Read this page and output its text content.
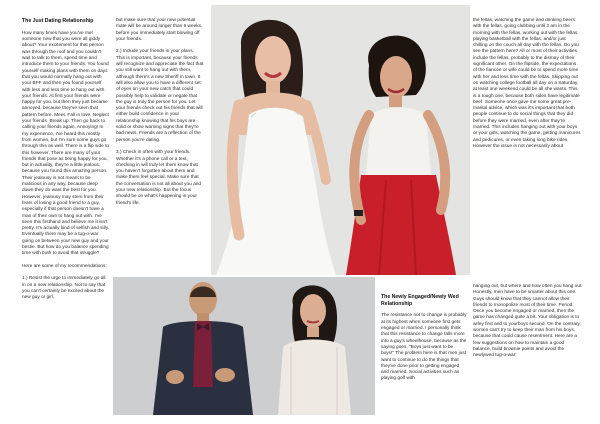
The Just Dating Relationship

How many times have you've met someone new that you were all giddy about? Your excitement for that person was through the roof and you couldn't wait to talk to them, spend time and introduce them to your friends. You found yourself making plans with them on days that you would normally hang out with your BFF and then you found yourself with less and less time to hang out with your friends. At first your friends were happy for you, but then they just became annoyed, because they've seen that pattern before. Meet. Fall in love. Neglect your friends. Break up. Then go back to calling your friends again. Annoying! In my experience, I've heard this mostly from women, but I'm sure some guys go through this as well. There is a flip side to this however. There are many of your friends that pose as being happy for you, but in actuality, they're a little jealous, because you found this amazing person. Their jealousy is not meant to be malicious in any way, because deep down they do want the best for you. However, jealousy may stem from their fears of losing a good friend to a guy, especially if that person doesn't have a man of their own to hang out with. I've seen this firsthand and believe me it isn't pretty. It's actually kind of selfish and silly. Eventually there may be a tug-o-war going on between your new guy and your bestie. But how do you balance spending time with both to avoid that struggle?

Here are some of my recommendations:

1.) Resist the urge to immediately go all in on a new relationship. Not to say that you can't certainly be excited about the new guy or girl,

but make sure that your new potential mate will be around longer than 6 weeks, before you immediately start blowing off your friends.

2.) Include your friends in your plans. This is important, because your friends will recognize and appreciate the fact that you still want to hang out with them, although there's a new Sheriff in town. It will also allow you to have a different set of eyes on your new catch that could possibly help to validate or negate that the guy is truly the person for you. Let your friends check out his friends that will either build confidence in your relationship knowing that his boys are solid or show warning signs that they're bad news. Friends are a reflection of the person you're dating.

3.) Check in often with your friends. Whether it's a phone call or a text, checking in will truly let them know that you haven't forgotten about them and make them feel special. Make sure that the conversation is not all about you and your new relationship. But the focus should be on what's happening in your friend's life.

the fellas, watching the game and drinking beers with the fellas, going clubbing until 3 am in the morning with the fellas, working out with the fellas, playing basketball with the fellas, and/or just chilling on the couch all day with the fellas. Do you see the pattern here? All or most of their activities include the fellas, probably to the dismay of their significant other. On the flipside, the expectations of the fiancée or wife could be to spend more time with her and less time with the fellas. Skipping out on watching college football all day on a Saturday, at least one weekend could be all she wants. This is a tough one, because both sides have legitimate beef. Someone once gave me some great pre-marital advice, which was it's important that both people continue to do social things that they did before they were married, even after they're married. This includes hanging out with your boys or your girls, watching the game, getting manicures and pedicures, or even taking long bike rides. However the issue is not necessarily about

The Newly Engaged/Newly Wed Relationship

The resistance not to change is probably at its highest when someone first gets engaged or married. I personally think that this resistance to change falls more into a guy's wheelhouse, because as the saying goes, "Boys just want to be boys!" The problem here is that men just want to continue to do the things that they've done prior to getting engaged and married. Social activities such as playing golf with

hanging out, but where and how often you hang out. Honestly, men have to be smarter about this one. Guys should know that they cannot allow their friends to monopolize most of their time. Period. Once you become engaged or married, then the game has changed quite a bit. Your obligation is to wifey first and to yourboys second. On the contrary, women can't try to keep their man from his boys, because that could cause resentment. Here are a few suggestions on how to maintain a good balance, build brownie points and avoid the newlywed tug-o-war:
